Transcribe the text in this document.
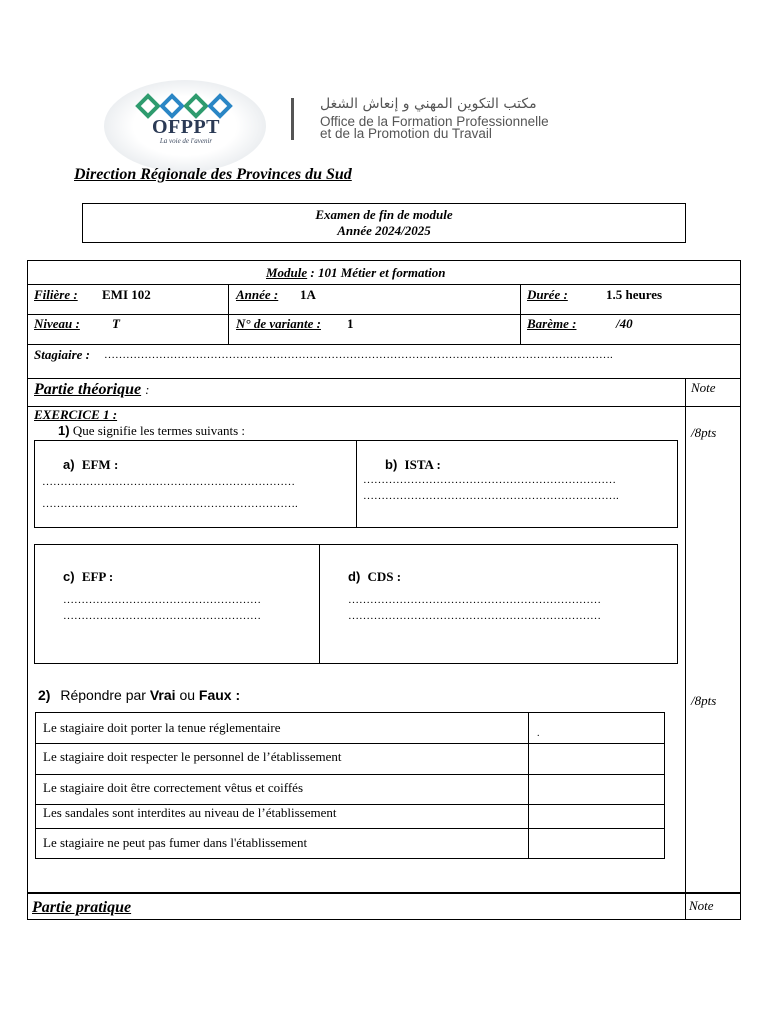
OFPPT
La voie de l'avenir
مكتب التكوين المهني و إنعاش الشغل
Office de la Formation Professionnelle
et de la Promotion du Travail
Direction Régionale des Provinces du Sud
Examen de fin de module
Année 2024/2025
Module : 101 Métier et formation
Filière : EMI 102	Année : 1A	Durée :	1.5 heures
Niveau : T	N° de variante : 1	Barème :	/40
Stagiaire : ………………………………………………………………………………………………………………………….
Partie théorique :	Note
EXERCICE 1 :
1) Que signifie les termes suivants :	/8pts
a) EFM :
……………………………………………………………
…………………………………………………………….
b) ISTA :
……………………………………………………………
…………………………………………………………….
c) EFP :
………………………………………………
………………………………………………
d) CDS :
……………………………………………………………
……………………………………………………………
2) Répondre par Vrai ou Faux :	/8pts
Le stagiaire doit porter la tenue réglementaire	.
Le stagiaire doit respecter le personnel de l’établissement
Le stagiaire doit être correctement vêtus et coiffés
Les sandales sont interdites au niveau de l’établissement
Le stagiaire ne peut pas fumer dans l'établissement
Partie pratique	Note
